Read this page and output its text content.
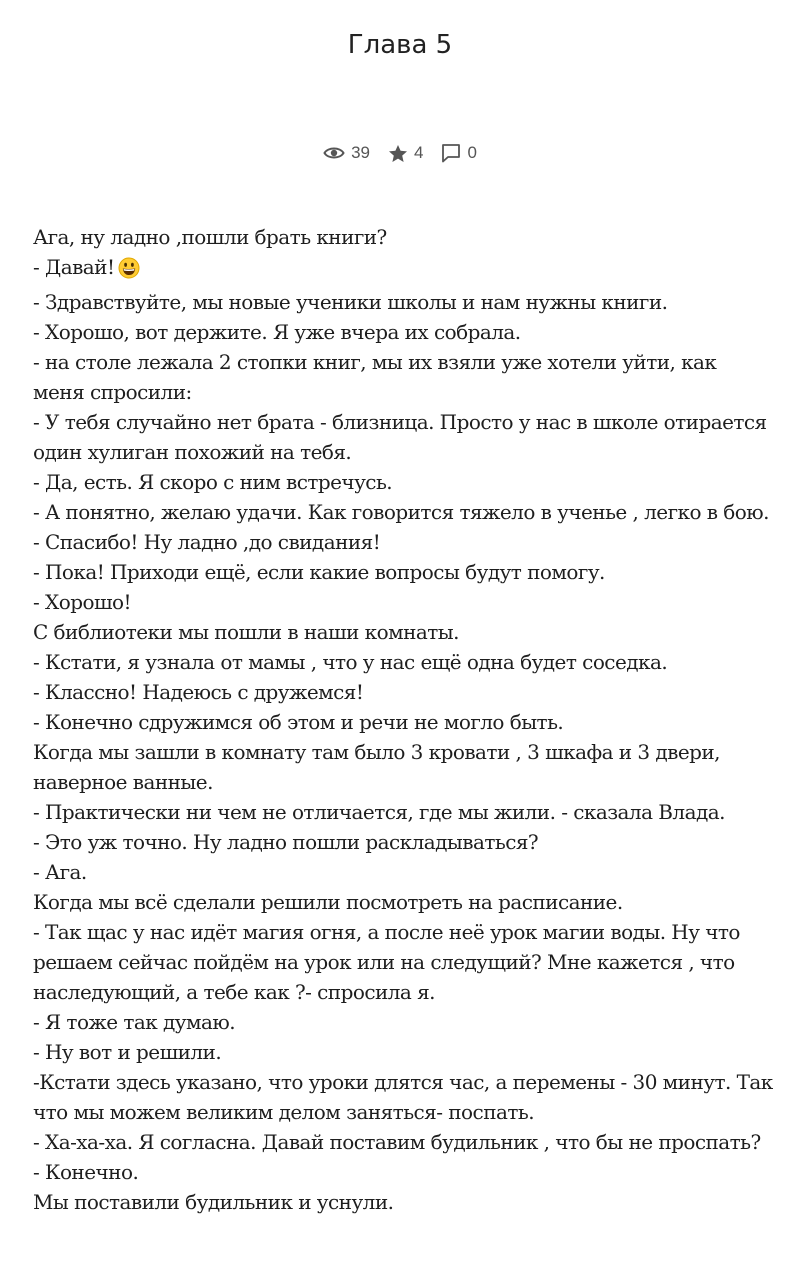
Глава 5
39	4	0

Ага, ну ладно ,пошли брать книги?

- Давай!

- Здравствуйте, мы новые ученики школы и нам нужны книги.

- Хорошо, вот держите. Я уже вчера их собрала.

- на столе лежала 2 стопки книг, мы их взяли уже хотели уйти, как меня спросили:

- У тебя случайно нет брата - близница. Просто у нас в школе отирается один хулиган похожий на тебя.

- Да, есть. Я скоро с ним встречусь.

- А понятно, желаю удачи. Как говорится тяжело в ученье , легко в бою.

- Спасибо! Ну ладно ,до свидания!

- Пока! Приходи ещё, если какие вопросы будут помогу.

- Хорошо!

С библиотеки мы пошли в наши комнаты.

- Кстати, я узнала от мамы , что у нас ещё одна будет соседка.

- Классно! Надеюсь с дружемся!

- Конечно сдружимся об этом и речи не могло быть.

Когда мы зашли в комнату там было 3 кровати , 3 шкафа и 3 двери, наверное ванные.

- Практически ни чем не отличается, где мы жили. - сказала Влада.

- Это уж точно. Ну ладно пошли раскладываться?

- Ага.

Когда мы всё сделали решили посмотреть на расписание.

- Так щас у нас идёт магия огня, а после неё урок магии воды. Ну что решаем сейчас пойдём на урок или на следущий? Мне кажется , что наследующий, а тебе как ?- спросила я.

- Я тоже так думаю.

- Ну вот и решили.

-Кстати здесь указано, что уроки длятся час, а перемены - 30 минут. Так что мы можем великим делом заняться- поспать.

- Ха-ха-ха. Я согласна. Давай поставим будильник , что бы не проспать?

- Конечно.

Мы поставили будильник и уснули.
